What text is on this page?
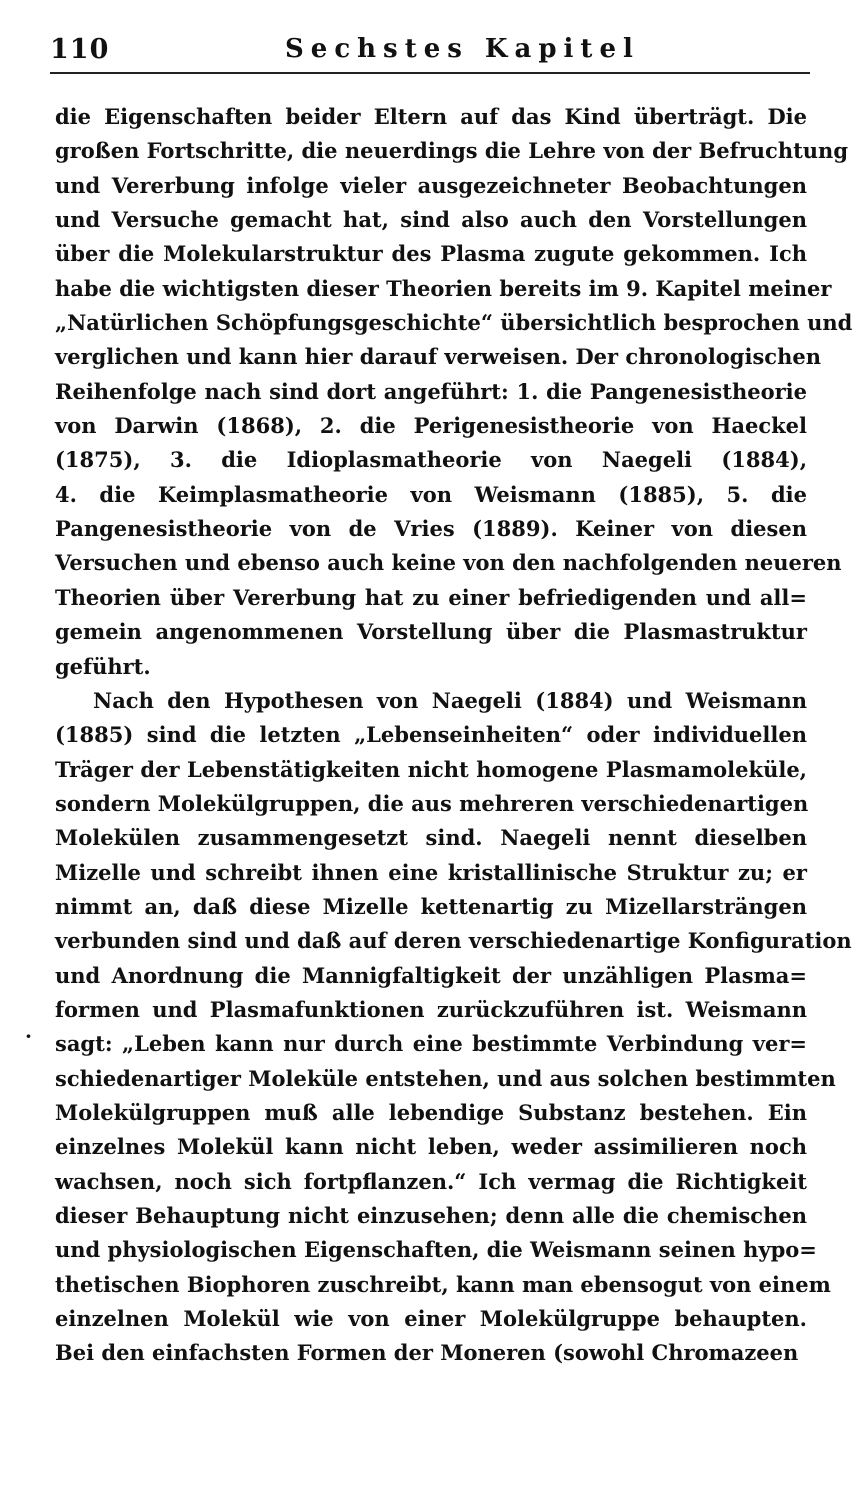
110	Sechstes Kapitel
·
die Eigenschaften beider Eltern auf das Kind überträgt. Die
großen Fortschritte, die neuerdings die Lehre von der Befruchtung
und Vererbung infolge vieler ausgezeichneter Beobachtungen
und Versuche gemacht hat, sind also auch den Vorstellungen
über die Molekularstruktur des Plasma zugute gekommen. Ich
habe die wichtigsten dieser Theorien bereits im 9. Kapitel meiner
„Natürlichen Schöpfungsgeschichte“ übersichtlich besprochen und
verglichen und kann hier darauf verweisen. Der chronologischen
Reihenfolge nach sind dort angeführt: 1. die Pangenesistheorie
von Darwin (1868), 2. die Perigenesistheorie von Haeckel
(1875), 3. die Idioplasmatheorie von Naegeli (1884),
4. die Keimplasmatheorie von Weismann (1885), 5. die
Pangenesistheorie von de Vries (1889). Keiner von diesen
Versuchen und ebenso auch keine von den nachfolgenden neueren
Theorien über Vererbung hat zu einer befriedigenden und all=
gemein angenommenen Vorstellung über die Plasmastruktur
geführt.
Nach den Hypothesen von Naegeli (1884) und Weismann
(1885) sind die letzten „Lebenseinheiten“ oder individuellen
Träger der Lebenstätigkeiten nicht homogene Plasmamoleküle,
sondern Molekülgruppen, die aus mehreren verschiedenartigen
Molekülen zusammengesetzt sind. Naegeli nennt dieselben
Mizelle und schreibt ihnen eine kristallinische Struktur zu; er
nimmt an, daß diese Mizelle kettenartig zu Mizellarsträngen
verbunden sind und daß auf deren verschiedenartige Konfiguration
und Anordnung die Mannigfaltigkeit der unzähligen Plasma=
formen und Plasmafunktionen zurückzuführen ist. Weismann
sagt: „Leben kann nur durch eine bestimmte Verbindung ver=
schiedenartiger Moleküle entstehen, und aus solchen bestimmten
Molekülgruppen muß alle lebendige Substanz bestehen. Ein
einzelnes Molekül kann nicht leben, weder assimilieren noch
wachsen, noch sich fortpflanzen.“ Ich vermag die Richtigkeit
dieser Behauptung nicht einzusehen; denn alle die chemischen
und physiologischen Eigenschaften, die Weismann seinen hypo=
thetischen Biophoren zuschreibt, kann man ebensogut von einem
einzelnen Molekül wie von einer Molekülgruppe behaupten.
Bei den einfachsten Formen der Moneren (sowohl Chromazeen
